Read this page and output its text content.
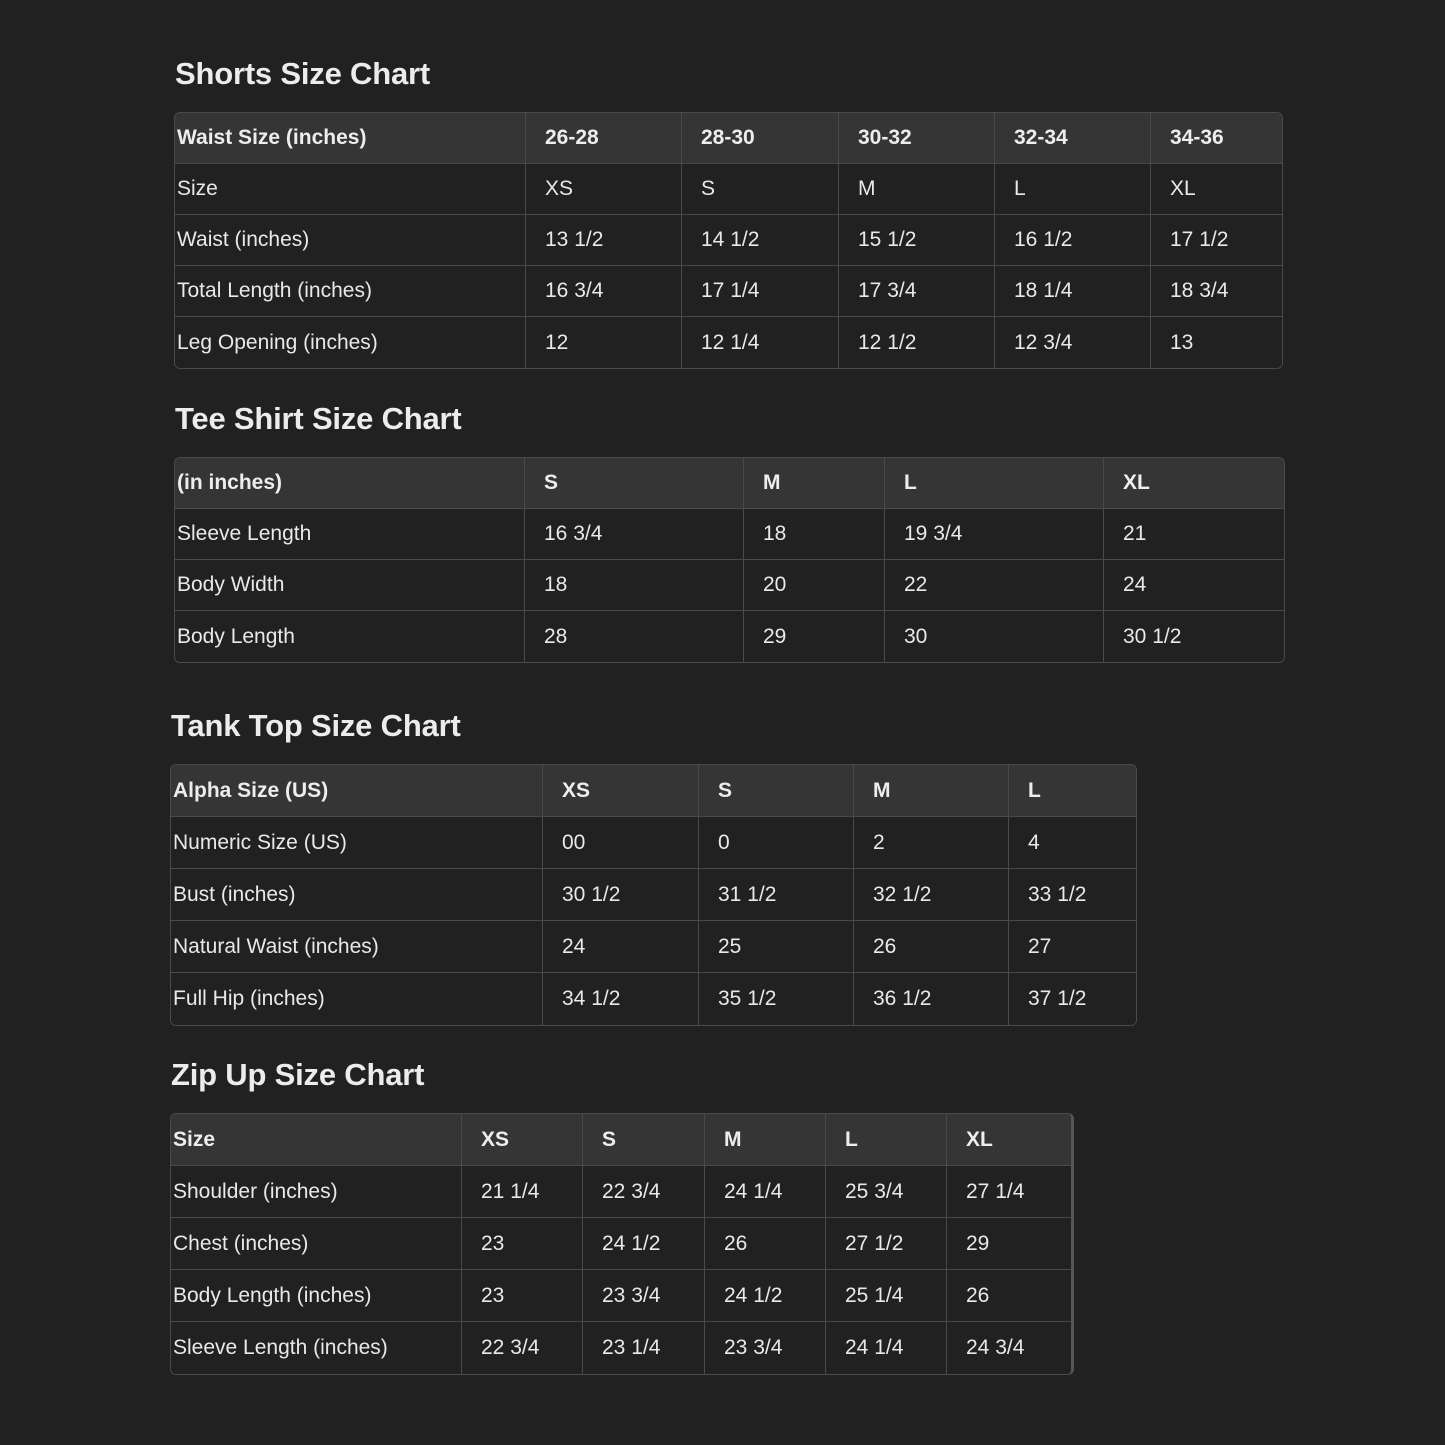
Shorts Size Chart
Waist Size (inches)	26-28	28-30	30-32	32-34	34-36
Size	XS	S	M	L	XL
Waist (inches)	13 1/2	14 1/2	15 1/2	16 1/2	17 1/2
Total Length (inches)	16 3/4	17 1/4	17 3/4	18 1/4	18 3/4
Leg Opening (inches)	12	12 1/4	12 1/2	12 3/4	13
Tee Shirt Size Chart
(in inches)	S	M	L	XL
Sleeve Length	16 3/4	18	19 3/4	21
Body Width	18	20	22	24
Body Length	28	29	30	30 1/2
Tank Top Size Chart
Alpha Size (US)	XS	S	M	L
Numeric Size (US)	00	0	2	4
Bust (inches)	30 1/2	31 1/2	32 1/2	33 1/2
Natural Waist (inches)	24	25	26	27
Full Hip (inches)	34 1/2	35 1/2	36 1/2	37 1/2
Zip Up Size Chart
Size	XS	S	M	L	XL
Shoulder (inches)	21 1/4	22 3/4	24 1/4	25 3/4	27 1/4
Chest (inches)	23	24 1/2	26	27 1/2	29
Body Length (inches)	23	23 3/4	24 1/2	25 1/4	26
Sleeve Length (inches)	22 3/4	23 1/4	23 3/4	24 1/4	24 3/4
